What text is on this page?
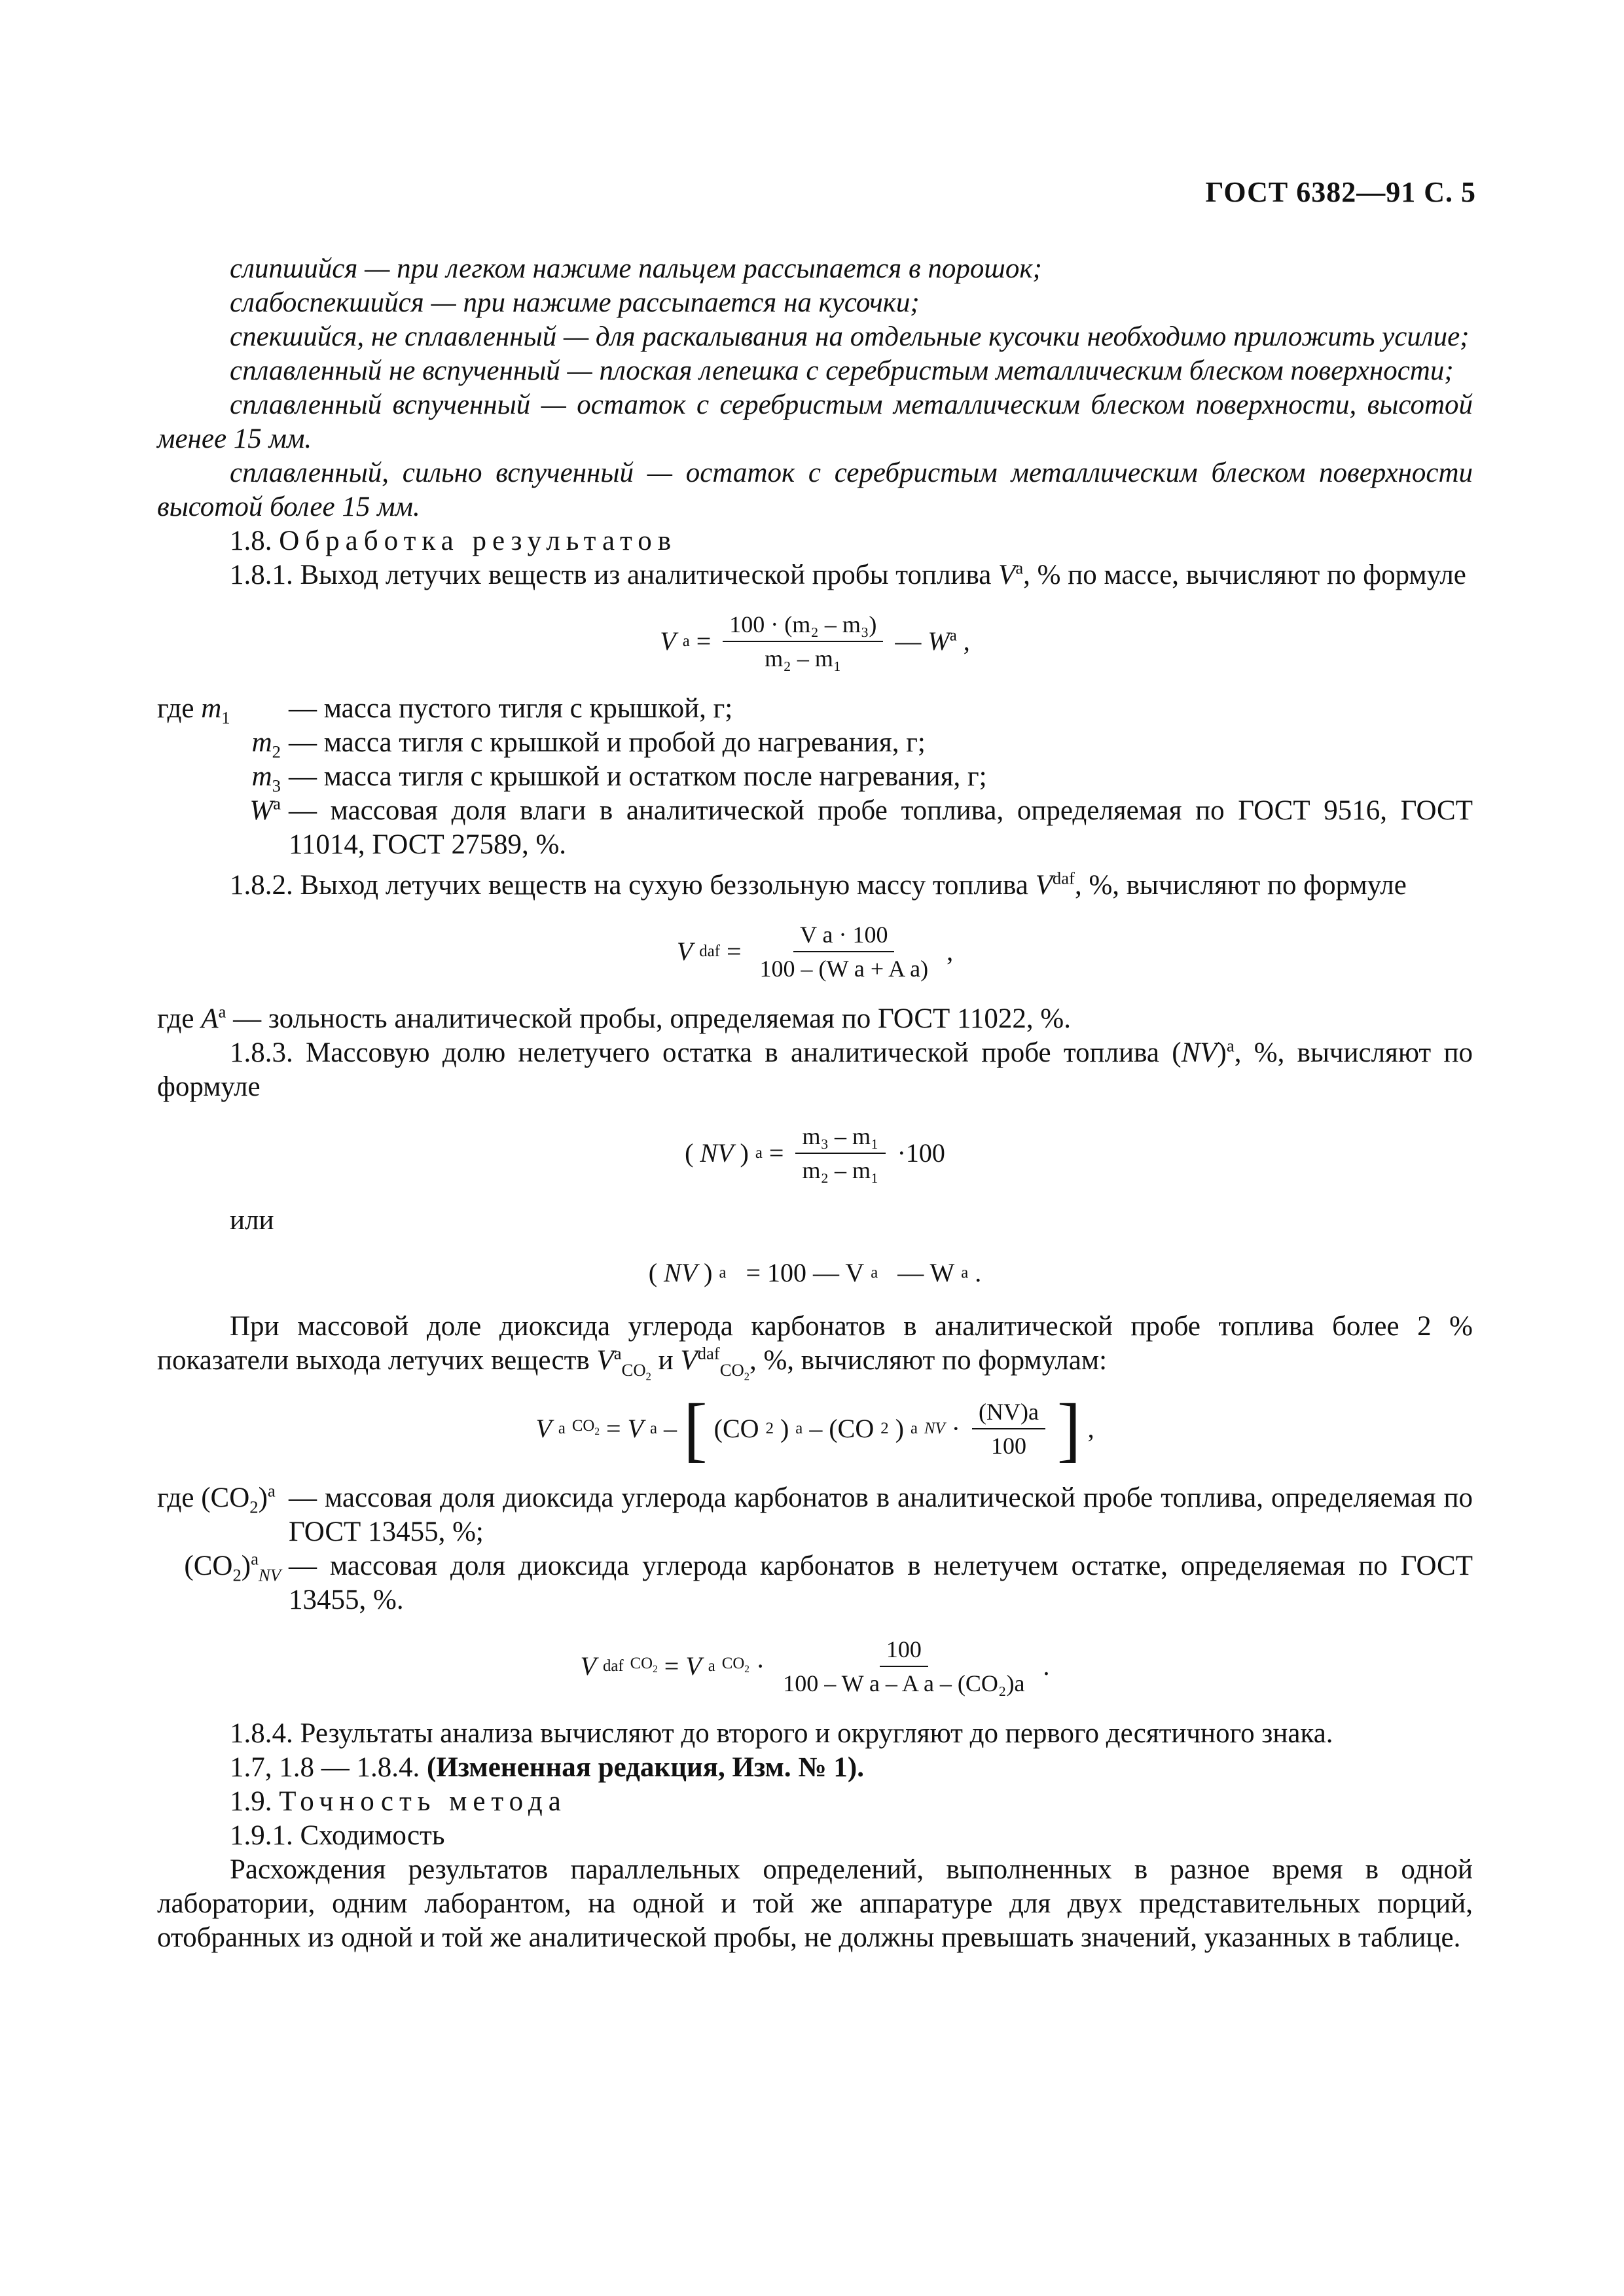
ГОСТ 6382—91 С. 5

слипшийся — при легком нажиме пальцем рассыпается в порошок;

слабоспекшийся — при нажиме рассыпается на кусочки;

спекшийся, не сплавленный — для раскалывания на отдельные кусочки необходимо приложить усилие;

сплавленный не вспученный — плоская лепешка с серебристым металлическим блеском поверхности;

сплавленный вспученный — остаток с серебристым металлическим блеском поверхности, высотой менее 15 мм.

сплавленный, сильно вспученный — остаток с серебристым металлическим блеском поверхности высотой более 15 мм.

1.8. Обработка результатов

1.8.1. Выход летучих веществ из аналитической пробы топлива $V^a$, % по массе, вычисляют по формуле

V $a = \frac{\text{100 · (m₂ – m₃)}}{\text{m₂ – m₁}}$ — $W^a$ ,
где $m_1$	— масса пустого тигля с крышкой, г;
$m_2$ — масса тигля с крышкой и пробой до нагревания, г;
$m_3$ — масса тигля с крышкой и остатком после нагревания, г;
$W^a$ — массовая доля влаги в аналитической пробе топлива, определяемая по ГОСТ 9516, ГОСТ 11014, ГОСТ 27589, %.

1.8.2. Выход летучих веществ на сухую беззольную массу топлива $V^{daf}$, %, вычисляют по формуле

V daf = $\frac{\text{V a · 100}}{\text{100 – (W a + A a)}}$ ,
где $A^a$ — зольность аналитической пробы, определяемая по ГОСТ 11022, %.

1.8.3. Массовую долю нелетучего остатка в аналитической пробе топлива (NV)$^a$, %, вычисляют по формуле

( NV ) $a = \frac{\text{m₃ – m₁}}{\text{m₂ – m₁}} \cdot 100$

или

( NV ) a
= 100 — V a
— W a .

При массовой доле диоксида углерода карбонатов в аналитической пробе топлива более 2 % показатели выхода летучих веществ $V^a_{CO_2}$ и $V^{daf}_{CO_2}$, %, вычисляют по формулам:

V a $CO_2 = V$ a – [ (CO 2 ) a – (CO 2 ) a NV · $\frac{(NV)a}{100}$ ] ,
где $(CO_2)^a$ — массовая доля диоксида углерода карбонатов в аналитической пробе топлива, определяемая по ГОСТ 13455, %;
$(CO_2)^a_{NV}$ — массовая доля диоксида углерода карбонатов в нелетучем остатке, определяемая по ГОСТ 13455, %.
V daf $CO_2 = V$ a $CO_2 \cdot \frac{100}{\text{100 – W a – A a – (CO₂)a}}$ .

1.8.4. Результаты анализа вычисляют до второго и округляют до первого десятичного знака.

1.7, 1.8 — 1.8.4. (Измененная редакция, Изм. № 1).

1.9. Точность метода

1.9.1. Сходимость

Расхождения результатов параллельных определений, выполненных в разное время в одной лаборатории, одним лаборантом, на одной и той же аппаратуре для двух представительных порций, отобранных из одной и той же аналитической пробы, не должны превышать значений, указанных в таблице.
